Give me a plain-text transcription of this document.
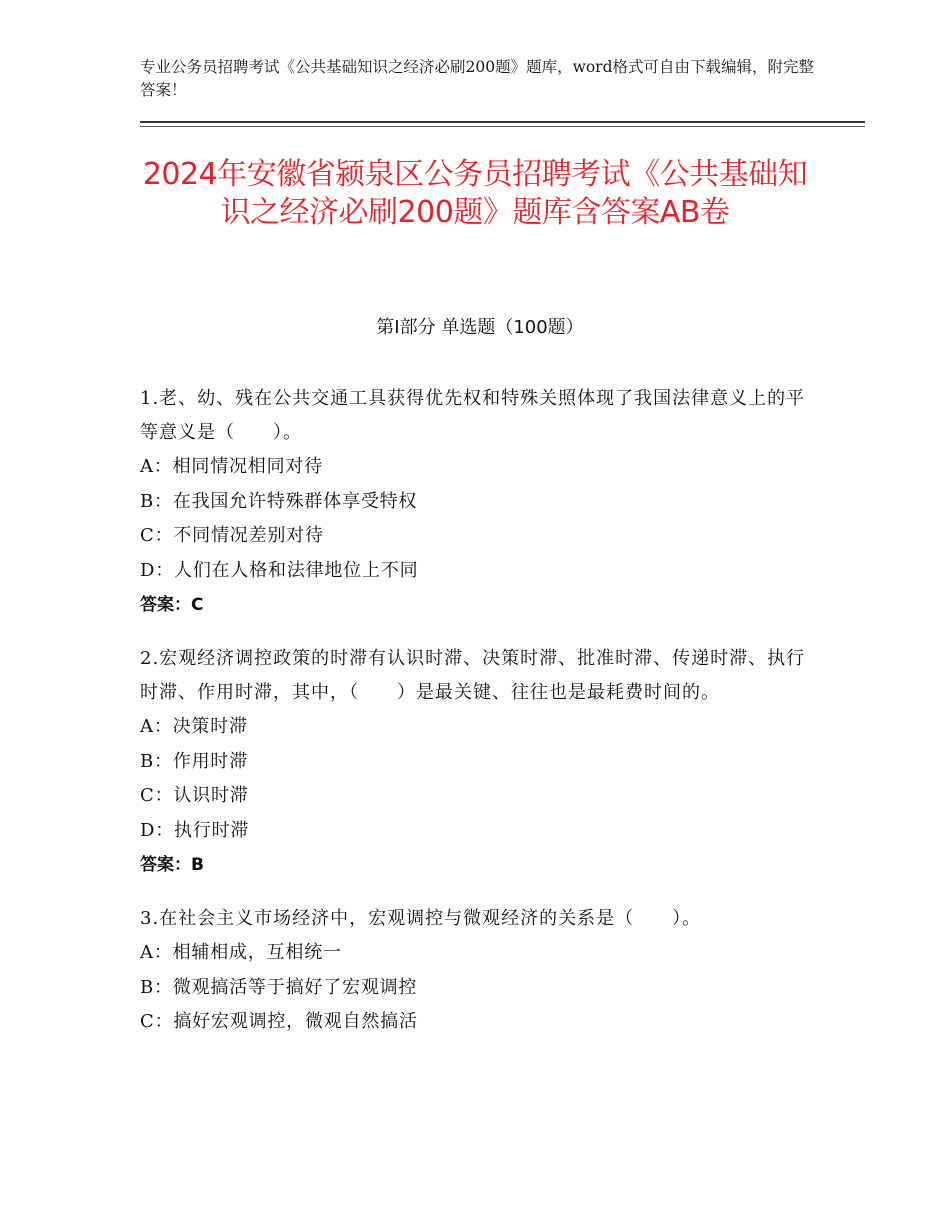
专业公务员招聘考试《公共基础知识之经济必刷200题》题库，word格式可自由下载编辑，附完整答案！
2024年安徽省颍泉区公务员招聘考试《公共基础知识之经济必刷200题》题库含答案AB卷
第Ⅰ部分 单选题（100题）
1.老、幼、残在公共交通工具获得优先权和特殊关照体现了我国法律意义上的平等意义是（　　）。
A：相同情况相同对待
B：在我国允许特殊群体享受特权
C：不同情况差别对待
D：人们在人格和法律地位上不同
答案：C
2.宏观经济调控政策的时滞有认识时滞、决策时滞、批准时滞、传递时滞、执行时滞、作用时滞，其中，（　　）是最关键、往往也是最耗费时间的。
A：决策时滞
B：作用时滞
C：认识时滞
D：执行时滞
答案：B
3.在社会主义市场经济中，宏观调控与微观经济的关系是（　　）。
A：相辅相成，互相统一
B：微观搞活等于搞好了宏观调控
C：搞好宏观调控，微观自然搞活
